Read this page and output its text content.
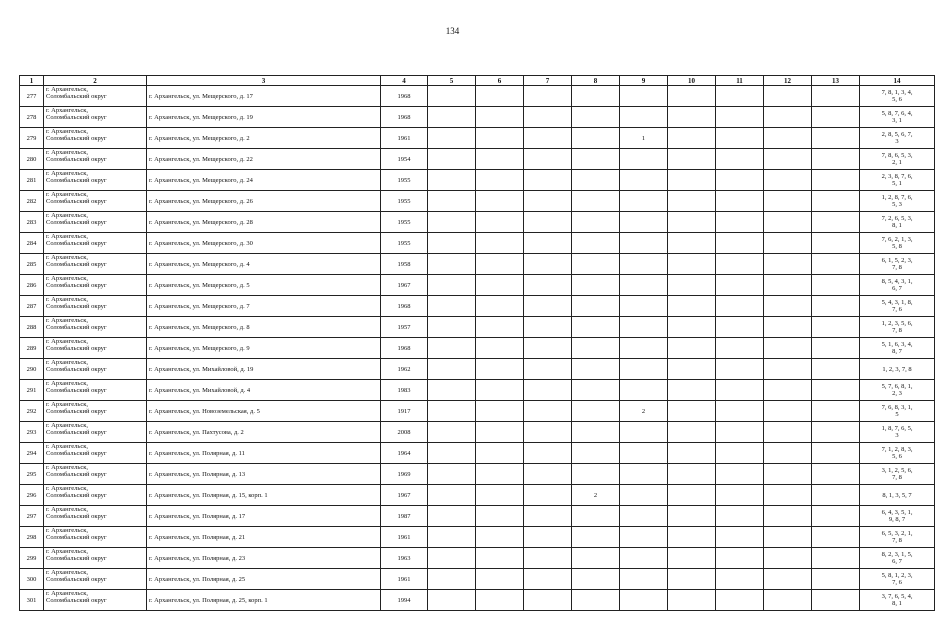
134
1	2	3	4	5	6	7	8	9	10	11	12	13	14
277	г. Архангельск,
Соломбальский округ	г. Архангельск, ул. Мещерского, д. 17	1968										7, 8, 1, 3, 4,
5, 6

278	г. Архангельск,
Соломбальский округ	г. Архангельск, ул. Мещерского, д. 19	1968										5, 8, 7, 6, 4,
3, 1

279	г. Архангельск,
Соломбальский округ	г. Архангельск, ул. Мещерского, д. 2	1961					1					2, 8, 5, 6, 7,
3

280	г. Архангельск,
Соломбальский округ	г. Архангельск, ул. Мещерского, д. 22	1954										7, 8, 6, 5, 3,
2, 1

281	г. Архангельск,
Соломбальский округ	г. Архангельск, ул. Мещерского, д. 24	1955										2, 3, 8, 7, 6,
5, 1

282	г. Архангельск,
Соломбальский округ	г. Архангельск, ул. Мещерского, д. 26	1955										1, 2, 8, 7, 6,
5, 3

283	г. Архангельск,
Соломбальский округ	г. Архангельск, ул. Мещерского, д. 28	1955										7, 2, 6, 5, 3,
8, 1

284	г. Архангельск,
Соломбальский округ	г. Архангельск, ул. Мещерского, д. 30	1955										7, 6, 2, 1, 3,
5, 8

285	г. Архангельск,
Соломбальский округ	г. Архангельск, ул. Мещерского, д. 4	1958										6, 1, 5, 2, 3,
7, 8

286	г. Архангельск,
Соломбальский округ	г. Архангельск, ул. Мещерского, д. 5	1967										8, 5, 4, 3, 1,
6, 7

287	г. Архангельск,
Соломбальский округ	г. Архангельск, ул. Мещерского, д. 7	1968										5, 4, 3, 1, 8,
7, 6

288	г. Архангельск,
Соломбальский округ	г. Архангельск, ул. Мещерского, д. 8	1957										1, 2, 3, 5, 6,
7, 8

289	г. Архангельск,
Соломбальский округ	г. Архангельск, ул. Мещерского, д. 9	1968										5, 1, 6, 3, 4,
8, 7

290	г. Архангельск,
Соломбальский округ	г. Архангельск, ул. Михайловой, д. 19	1962										1, 2, 3, 7, 8

291	г. Архангельск,
Соломбальский округ	г. Архангельск, ул. Михайловой, д. 4	1983										5, 7, 6, 8, 1,
2, 3

292	г. Архангельск,
Соломбальский округ	г. Архангельск, ул. Новоземельская, д. 5	1917					2					7, 6, 8, 3, 1,
5

293	г. Архангельск,
Соломбальский округ	г. Архангельск, ул. Пахтусова, д. 2	2008										1, 8, 7, 6, 5,
3

294	г. Архангельск,
Соломбальский округ	г. Архангельск, ул. Полярная, д. 11	1964										7, 1, 2, 8, 3,
5, 6

295	г. Архангельск,
Соломбальский округ	г. Архангельск, ул. Полярная, д. 13	1969										3, 1, 2, 5, 6,
7, 8

296	г. Архангельск,
Соломбальский округ	г. Архангельск, ул. Полярная, д. 15, корп. 1	1967				2						8, 1, 3, 5, 7

297	г. Архангельск,
Соломбальский округ	г. Архангельск, ул. Полярная, д. 17	1987										6, 4, 3, 5, 1,
9, 8, 7

298	г. Архангельск,
Соломбальский округ	г. Архангельск, ул. Полярная, д. 21	1961										6, 5, 3, 2, 1,
7, 8

299	г. Архангельск,
Соломбальский округ	г. Архангельск, ул. Полярная, д. 23	1963										8, 2, 3, 1, 5,
6, 7

300	г. Архангельск,
Соломбальский округ	г. Архангельск, ул. Полярная, д. 25	1961										5, 8, 1, 2, 3,
7, 6

301	г. Архангельск,
Соломбальский округ	г. Архангельск, ул. Полярная, д. 25, корп. 1	1994										3, 7, 6, 5, 4,
8, 1
